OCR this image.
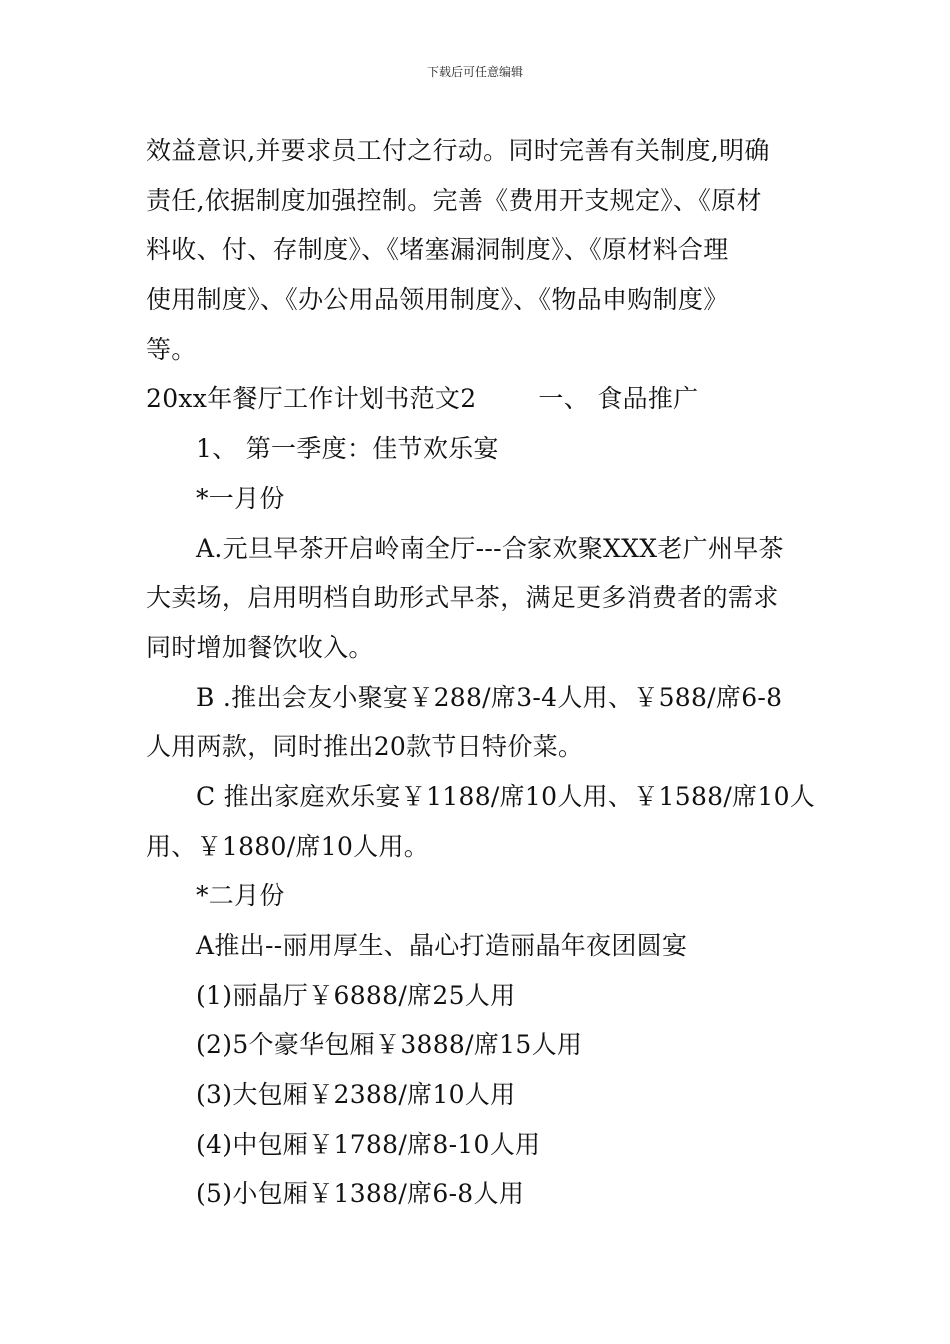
下载后可任意编辑
效益意识,并要求员工付之行动。同时完善有关制度,明确
责任,依据制度加强控制。完善《费用开支规定》、《原材
料收、付、存制度》、《堵塞漏洞制度》、《原材料合理
使用制度》、《办公用品领用制度》、《物品申购制度》
等。
20xx年餐厅工作计划书范文2 一、 食品推广
1、 第一季度：佳节欢乐宴
*一月份
A.元旦早茶开启岭南全厅---合家欢聚XXX老广州早茶
大卖场，启用明档自助形式早茶，满足更多消费者的需求
同时增加餐饮收入。
B .推出会友小聚宴￥288/席3-4人用、￥588/席6-8
人用两款，同时推出20款节日特价菜。
C 推出家庭欢乐宴￥1188/席10人用、￥1588/席10人
用、￥1880/席10人用。
*二月份
A推出--丽用厚生、晶心打造丽晶年夜团圆宴
(1)丽晶厅￥6888/席25人用
(2)5个豪华包厢￥3888/席15人用
(3)大包厢￥2388/席10人用
(4)中包厢￥1788/席8-10人用
(5)小包厢￥1388/席6-8人用
